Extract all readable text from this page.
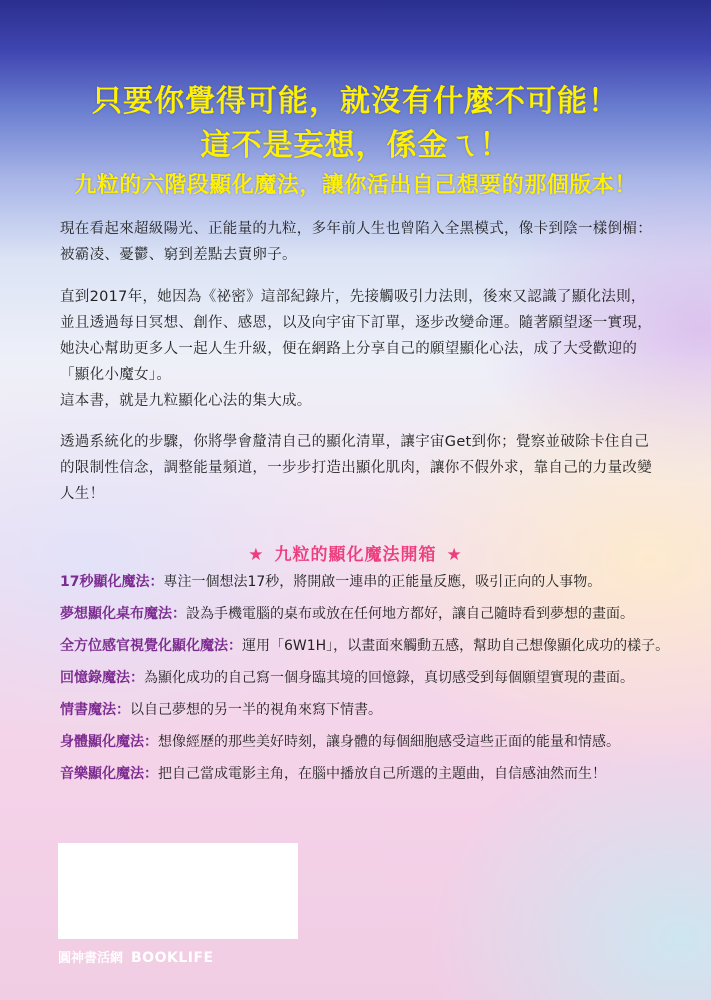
只要你覺得可能，就沒有什麼不可能！
這不是妄想，係金ㄟ！
九粒的六階段顯化魔法，讓你活出自己想要的那個版本！

現在看起來超級陽光、正能量的九粒，多年前人生也曾陷入全黑模式，像卡到陰一樣倒楣：被霸凌、憂鬱、窮到差點去賣卵子。

直到2017年，她因為《祕密》這部紀錄片，先接觸吸引力法則，後來又認識了顯化法則，並且透過每日冥想、創作、感恩，以及向宇宙下訂單，逐步改變命運。隨著願望逐一實現，她決心幫助更多人一起人生升級，便在網路上分享自己的願望顯化心法，成了大受歡迎的「顯化小魔女」。

這本書，就是九粒顯化心法的集大成。

透過系統化的步驟，你將學會釐清自己的顯化清單，讓宇宙Get到你；覺察並破除卡住自己的限制性信念，調整能量頻道，一步步打造出顯化肌肉，讓你不假外求，靠自己的力量改變人生！

★ 九粒的顯化魔法開箱 ★
17秒顯化魔法：專注一個想法17秒，將開啟一連串的正能量反應，吸引正向的人事物。
夢想顯化桌布魔法：設為手機電腦的桌布或放在任何地方都好，讓自己隨時看到夢想的畫面。
全方位感官視覺化顯化魔法：運用「6W1H」，以畫面來觸動五感，幫助自己想像顯化成功的樣子。
回憶錄魔法：為顯化成功的自己寫一個身臨其境的回憶錄，真切感受到每個願望實現的畫面。
情書魔法：以自己夢想的另一半的視角來寫下情書。
身體顯化魔法：想像經歷的那些美好時刻，讓身體的每個細胞感受這些正面的能量和情感。
音樂顯化魔法：把自己當成電影主角，在腦中播放自己所選的主題曲，自信感油然而生！
圓神書活網 BOOKLIFE
